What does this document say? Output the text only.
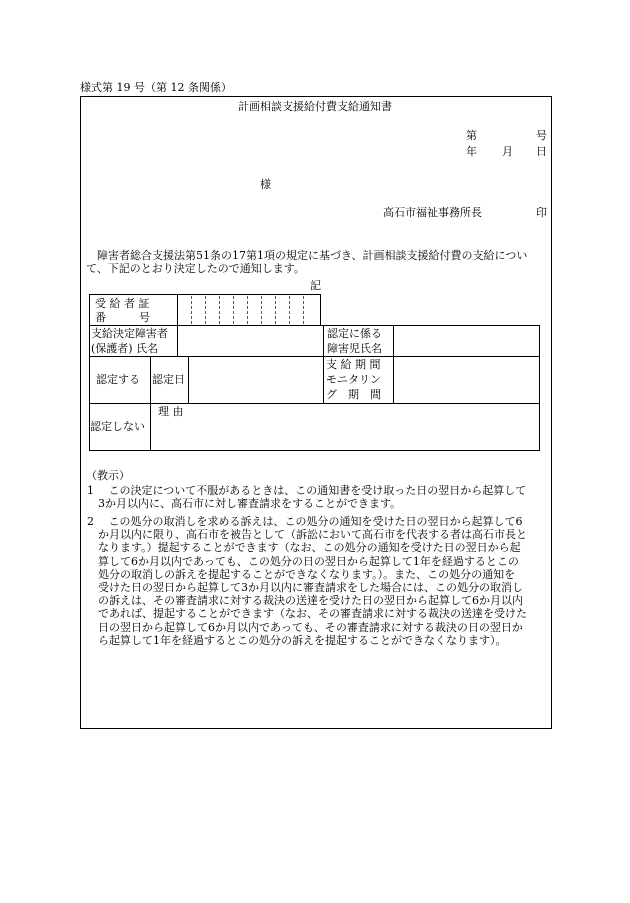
様式第 19 号（第 12 条関係）
計画相談支援給付費支給通知書
第	号
年 月 日
様
高石市福祉事務所長	印
障害者総合支援法第51条の17第1項の規定に基づき、計画相談支援給付費の支給につい
て、下記のとおり決定したので通知します。
記
受 給 者 証
番　　　号
支給決定障害者
(保護者) 氏名
認定に係る
障害児氏名
認定する 認定日
支 給 期 間
モニタリン
グ　期　間
認定しない
理 由
（教示）
1　 この決定について不服があるときは、この通知書を受け取った日の翌日から起算して
3か月以内に、高石市に対し審査請求をすることができます。
2　 この処分の取消しを求める訴えは、この処分の通知を受けた日の翌日から起算して6
か月以内に限り、高石市を被告として（訴訟において高石市を代表する者は高石市長と
なります。）提起することができます（なお、この処分の通知を受けた日の翌日から起
算して6か月以内であっても、この処分の日の翌日から起算して1年を経過するとこの
処分の取消しの訴えを提起することができなくなります。）。また、この処分の通知を
受けた日の翌日から起算して3か月以内に審査請求をした場合には、この処分の取消し
の訴えは、その審査請求に対する裁決の送達を受けた日の翌日から起算して6か月以内
であれば、提起することができます（なお、その審査請求に対する裁決の送達を受けた
日の翌日から起算して6か月以内であっても、その審査請求に対する裁決の日の翌日か
ら起算して1年を経過するとこの処分の訴えを提起することができなくなります）。
